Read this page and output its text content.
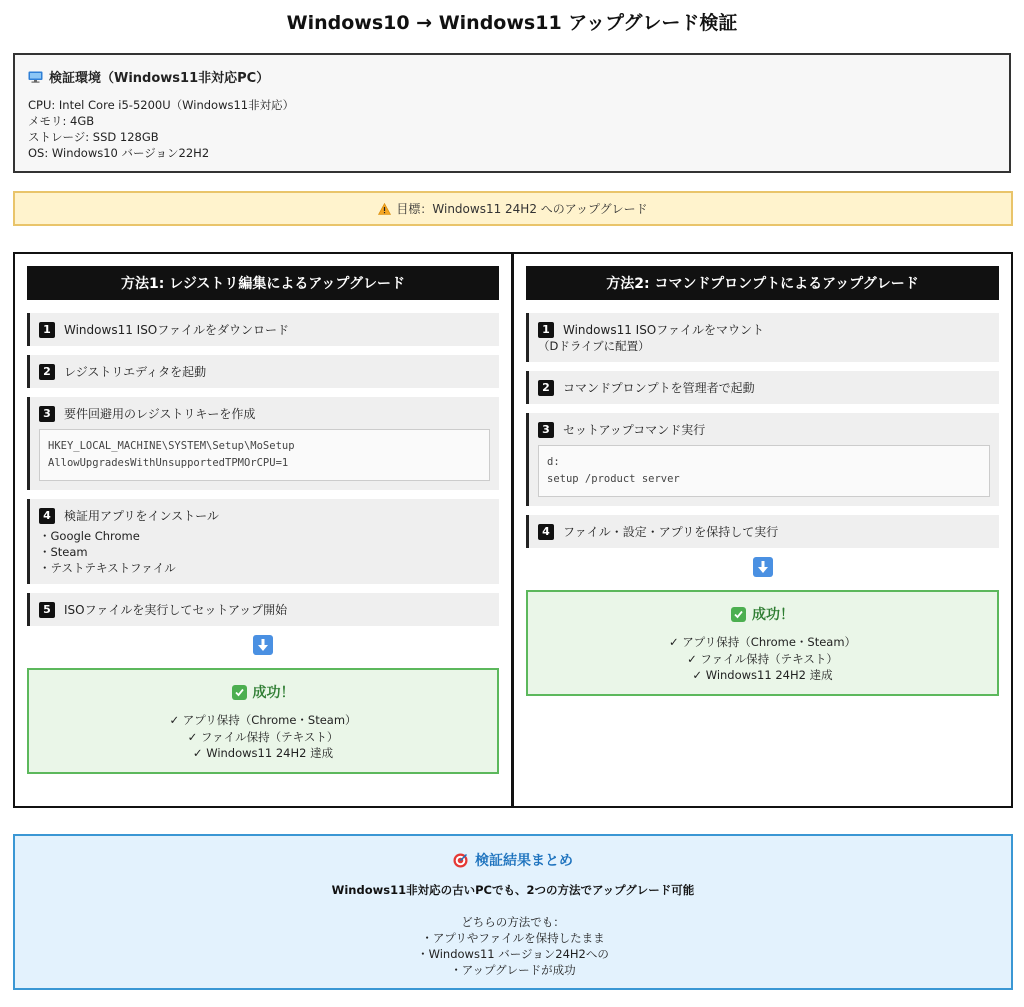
Windows10 → Windows11 アップグレード検証
検証環境（Windows11非対応PC）
CPU: Intel Core i5-5200U（Windows11非対応）
メモリ: 4GB
ストレージ: SSD 128GB
OS: Windows10 バージョン22H2
目標：Windows11 24H2 へのアップグレード
方法1: レジストリ編集によるアップグレード
1	Windows11 ISOファイルをダウンロード
2	レジストリエディタを起動
3	要件回避用のレジストリキーを作成
HKEY_LOCAL_MACHINE\SYSTEM\Setup\MoSetup
AllowUpgradesWithUnsupportedTPMOrCPU=1
4	検証用アプリをインストール
・Google Chrome
・Steam
・テストテキストファイル
5	ISOファイルを実行してセットアップ開始
成功！
✓ アプリ保持（Chrome・Steam）
✓ ファイル保持（テキスト）
✓ Windows11 24H2 達成
方法2: コマンドプロンプトによるアップグレード
1	Windows11 ISOファイルをマウント
（Dドライブに配置）
2	コマンドプロンプトを管理者で起動
3	セットアップコマンド実行
d:
setup /product server
4	ファイル・設定・アプリを保持して実行
成功！
✓ アプリ保持（Chrome・Steam）
✓ ファイル保持（テキスト）
✓ Windows11 24H2 達成
検証結果まとめ
Windows11非対応の古いPCでも、2つの方法でアップグレード可能
どちらの方法でも：
・アプリやファイルを保持したまま
・Windows11 バージョン24H2への
・アップグレードが成功
